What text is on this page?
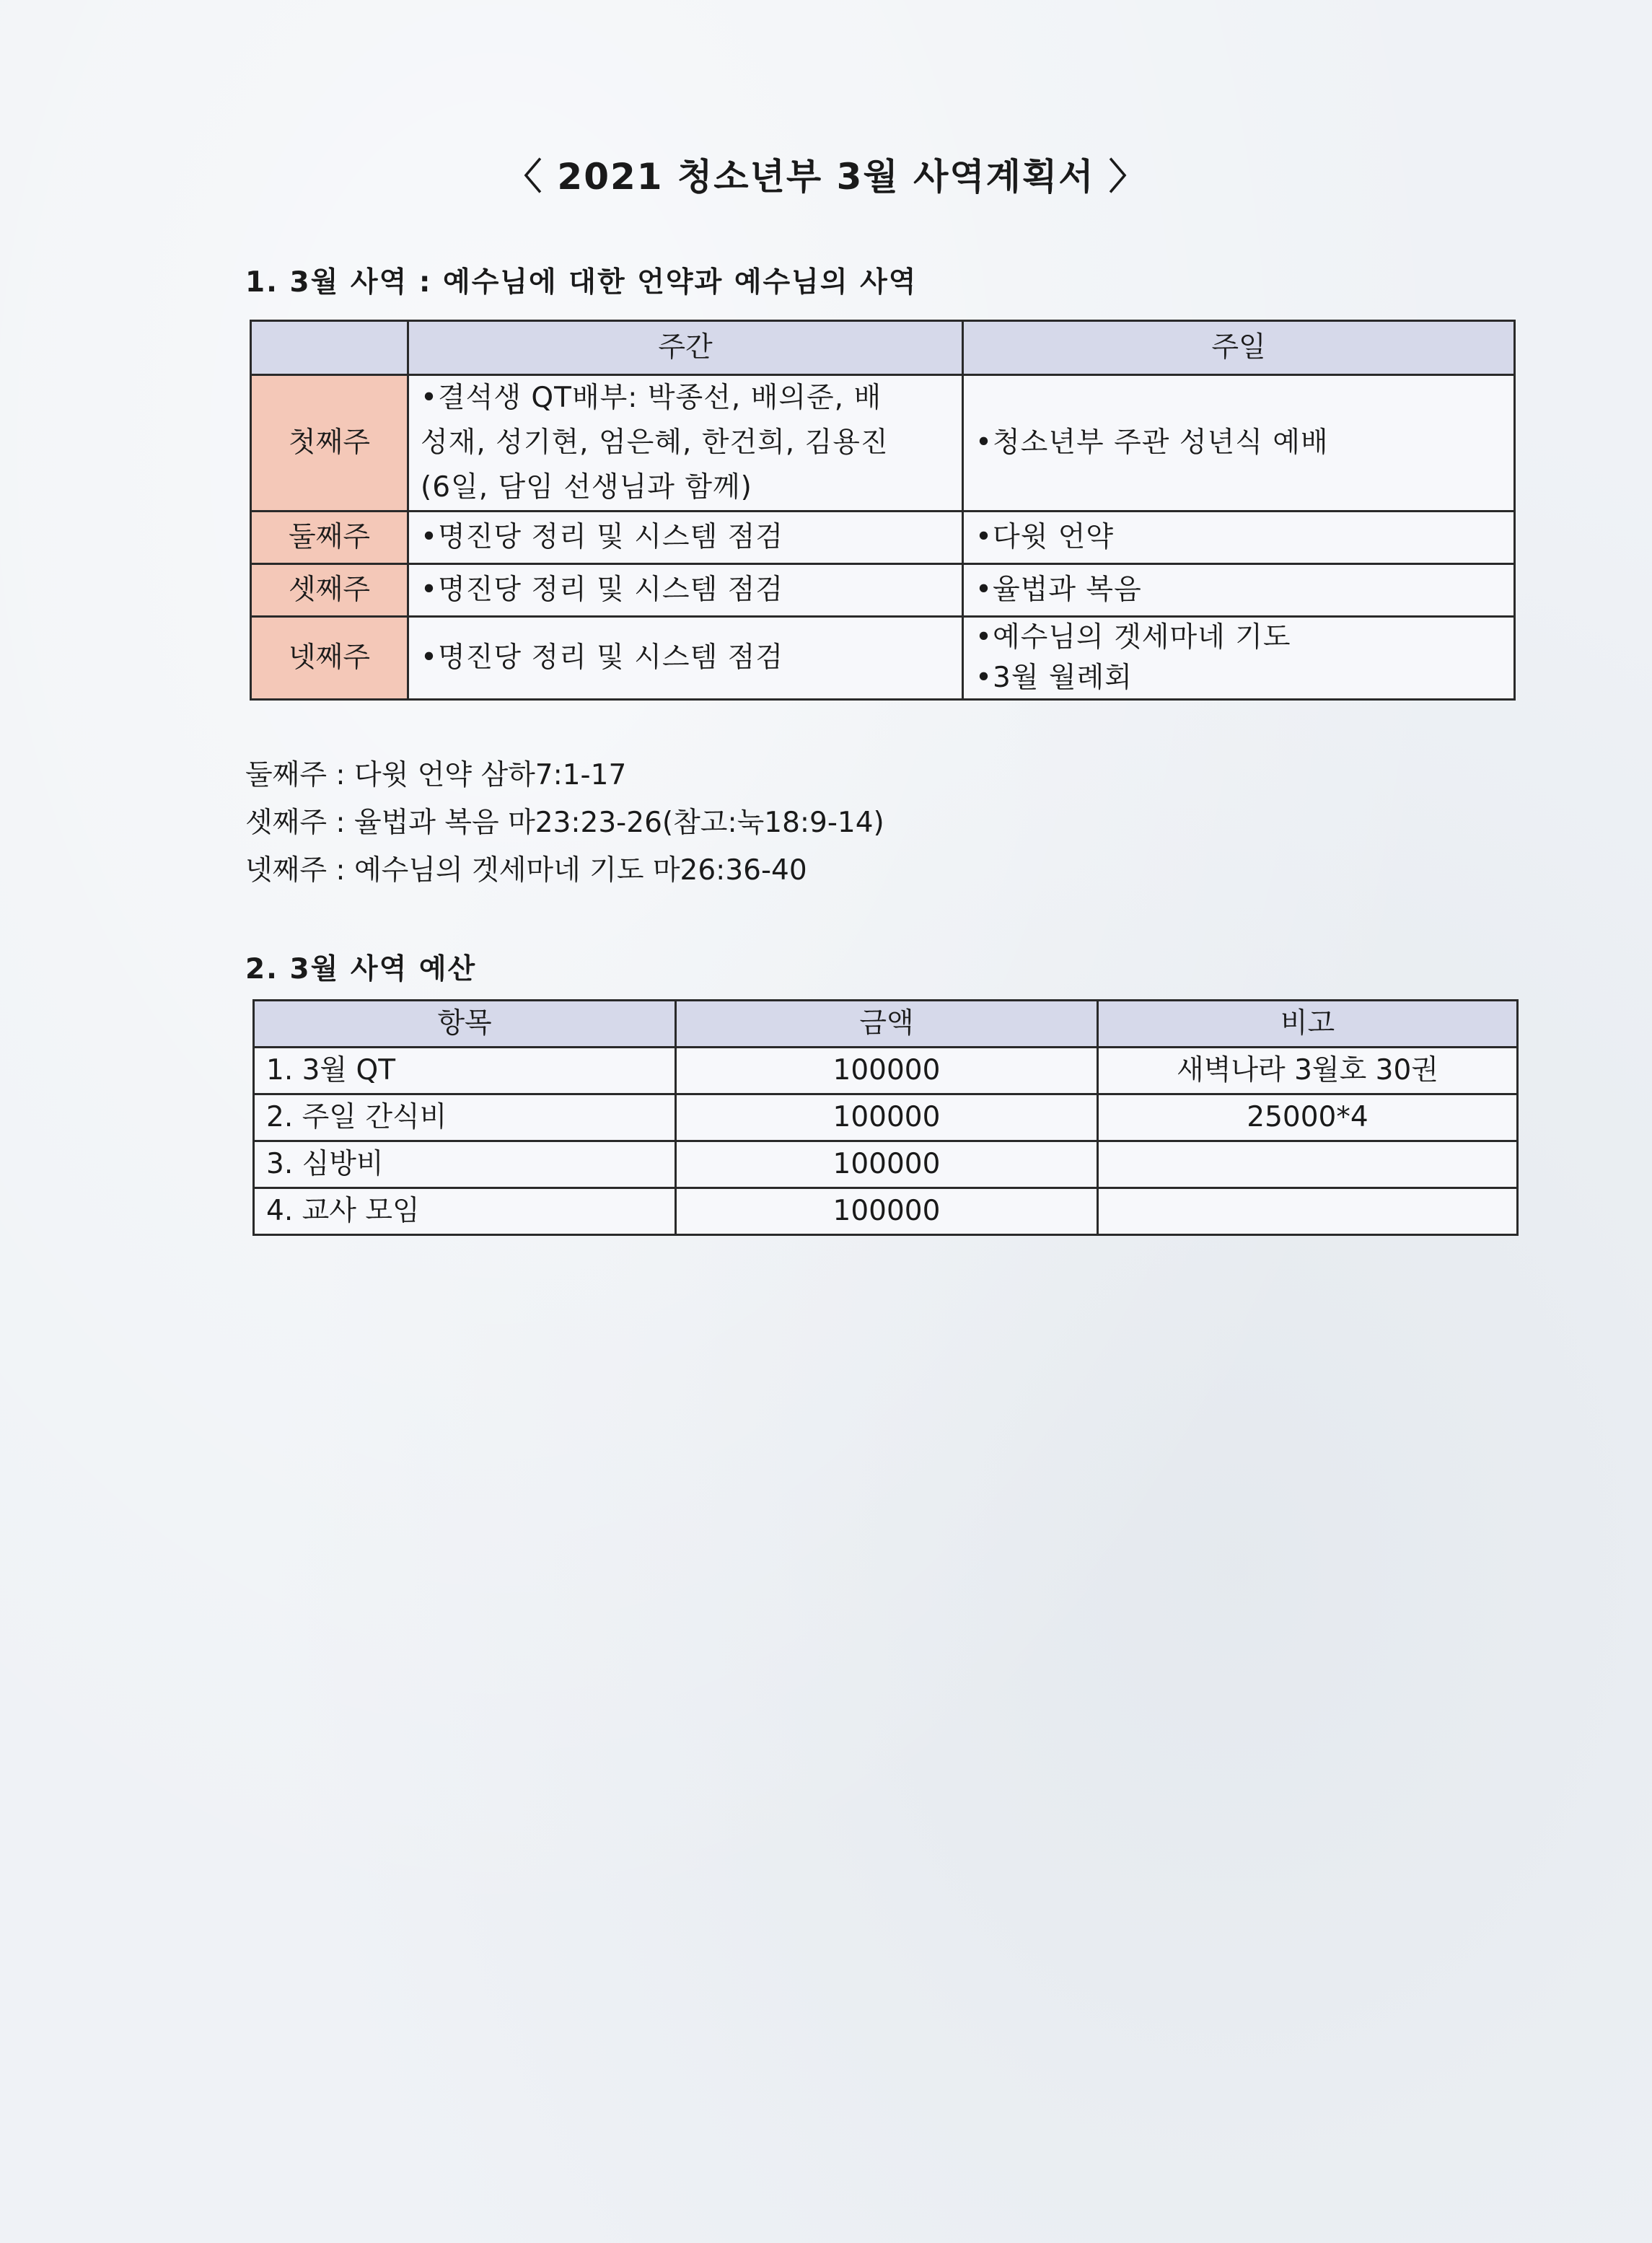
〈 2021 청소년부 3월 사역계획서 〉
1. 3월 사역 : 예수님에 대한 언약과 예수님의 사역
	주간	주일
첫째주	•결석생 QT배부: 박종선, 배의준, 배
성재, 성기현, 엄은혜, 한건희, 김용진
(6일, 담임 선생님과 함께)	•청소년부 주관 성년식 예배

둘째주	•명진당 정리 및 시스템 점검	•다윗 언약

셋째주	•명진당 정리 및 시스템 점검	•율법과 복음

넷째주	•명진당 정리 및 시스템 점검	•예수님의 겟세마네 기도
•3월 월례회
둘째주 : 다윗 언약 삼하7:1-17
셋째주 : 율법과 복음 마23:23-26(참고:눅18:9-14)
넷째주 : 예수님의 겟세마네 기도 마26:36-40
2. 3월 사역 예산
항목	금액	비고
1. 3월 QT	100000	새벽나라 3월호 30권
2. 주일 간식비	100000	25000*4
3. 심방비	100000	
4. 교사 모임	100000	
